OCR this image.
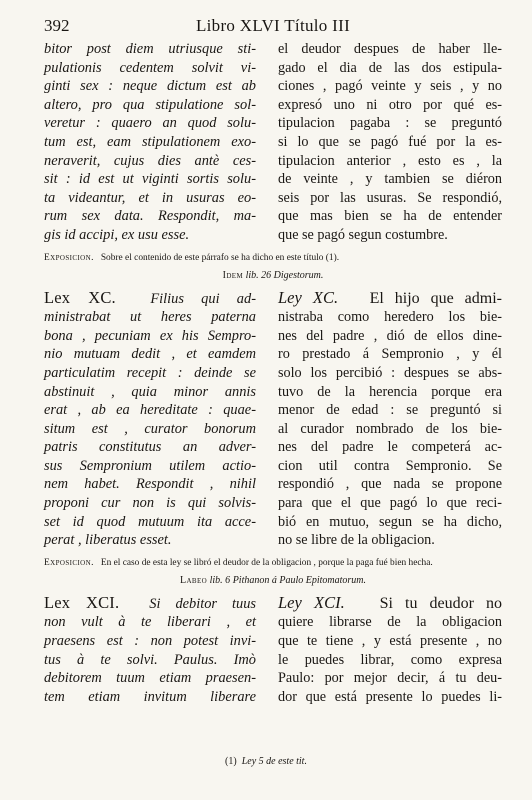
392	Libro XLVI Título III
bitor post diem utriusque sti-
pulationis cedentem solvit vi-
ginti sex : neque dictum est ab
altero, pro qua stipulatione sol-
veretur : quaero an quod solu-
tum est, eam stipulationem exo-
neraverit, cujus dies antè ces-
sit : id est ut viginti sortis solu-
ta videantur, et in usuras eo-
rum sex data. Respondit, ma-
gis id accipi, ex usu esse.
el deudor despues de haber lle-
gado el dia de las dos estipula-
ciones , pagó veinte y seis , y no
expresó uno ni otro por qué es-
tipulacion pagaba : se preguntó
si lo que se pagó fué por la es-
tipulacion anterior , esto es , la
de veinte , y tambien se diéron
seis por las usuras. Se respondió,
que mas bien se ha de entender
que se pagó segun costumbre.

Exposicion. Sobre el contenido de este párrafo se ha dicho en este título (1).

Idem lib. 26 Digestorum.
Lex XC. Filius qui ad-
ministrabat ut heres paterna
bona , pecuniam ex his Sempro-
nio mutuam dedit , et eamdem
particulatim recepit : deinde se
abstinuit , quia minor annis
erat , ab ea hereditate : quae-
situm est , curator bonorum
patris constitutus an adver-
sus Sempronium utilem actio-
nem habet. Respondit , nihil
proponi cur non is qui solvis-
set id quod mutuum ita acce-
perat , liberatus esset.
Ley XC. El hijo que admi-
nistraba como heredero los bie-
nes del padre , dió de ellos dine-
ro prestado á Sempronio , y él
solo los percibió : despues se abs-
tuvo de la herencia porque era
menor de edad : se preguntó si
al curador nombrado de los bie-
nes del padre le competerá ac-
cion util contra Sempronio. Se
respondió , que nada se propone
para que el que pagó lo que reci-
bió en mutuo, segun se ha dicho,
no se libre de la obligacion.

Exposicion. En el caso de esta ley se libró el deudor de la obligacion , porque la paga fué bien hecha.

Labeo lib. 6 Pithanon á Paulo Epitomatorum.
Lex XCI. Si debitor tuus
non vult à te liberari , et
praesens est : non potest invi-
tus à te solvi. Paulus. Imò
debitorem tuum etiam praesen-
tem etiam invitum liberare
Ley XCI. Si tu deudor no
quiere librarse de la obligacion
que te tiene , y está presente , no
le puedes librar, como expresa
Paulo: por mejor decir, á tu deu-
dor que está presente lo puedes li-
(1) Ley 5 de este tit.
